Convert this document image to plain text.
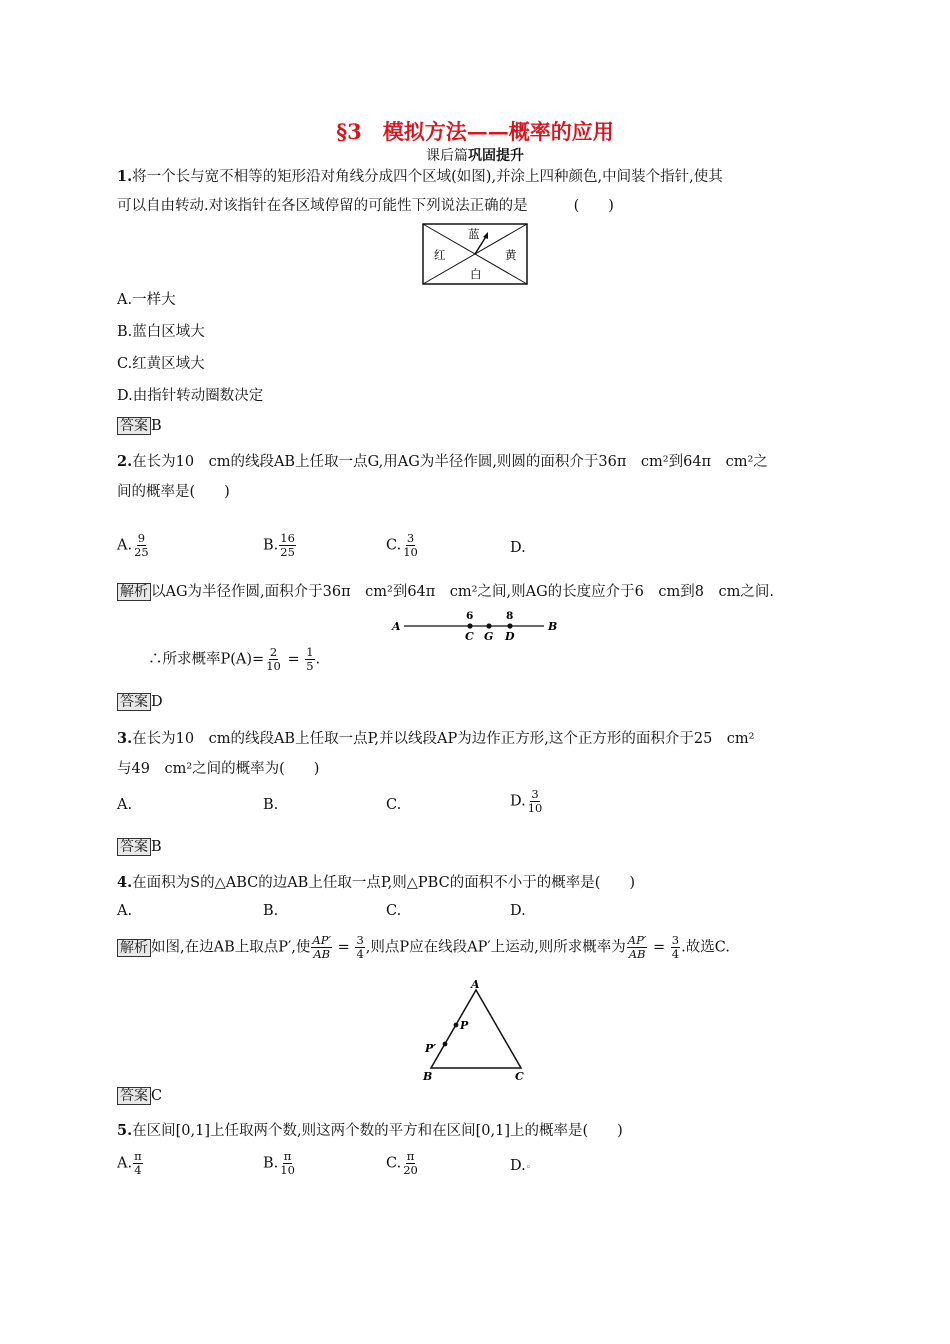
§3　模拟方法——概率的应用
课后篇巩固提升
1.将一个长与宽不相等的矩形沿对角线分成四个区域(如图),并涂上四种颜色,中间装个指针,使其
可以自由转动.对该指针在各区域停留的可能性下列说法正确的是	(　　)
蓝
红	黄
白
A.一样大
B.蓝白区域大
C.红黄区域大
D.由指针转动圈数决定
答案 B
2.在长为10　cm的线段AB上任取一点G,用AG为半径作圆,则圆的面积介于36π　cm²到64π　cm²之
间的概率是(　　)
A. $\frac{9}{25}$	B. $\frac{16}{25}$	C. $\frac{3}{10}$	D.
解析 以AG为半径作圆,面积介于36π　cm²到64π　cm²之间,则AG的长度应介于6　cm到8　cm之间.
A	B
6	8
C G D
∴所求概率$P(A)= \frac{2}{10} = \frac{1}{5}$ .
答案 D
3.在长为10　cm的线段AB上任取一点P,并以线段AP为边作正方形,这个正方形的面积介于25　cm²
与49　cm²之间的概率为(　　)
A.	B.	C.	D. $\frac{3}{10}$
答案 B
4.在面积为S的△ABC的边AB上任取一点P,则△PBC的面积不小于的概率是(　　)
A.	B.	C.	D.
解析 如图,在边AB上取点P′,使 $\frac{AP'}{AB} = \frac{3}{4}$ ,则点P应在线段AP′上运动,则所求概率为 $\frac{AP'}{AB} = \frac{3}{4}$ .故选C.
A
B	C
P
P′
答案 C
5.在区间[0,1]上任取两个数,则这两个数的平方和在区间[0,1]上的概率是(　　)
A. $\frac{\pi}{4}$	B. $\frac{\pi}{10}$	C. $\frac{\pi}{20}$	D.◦
